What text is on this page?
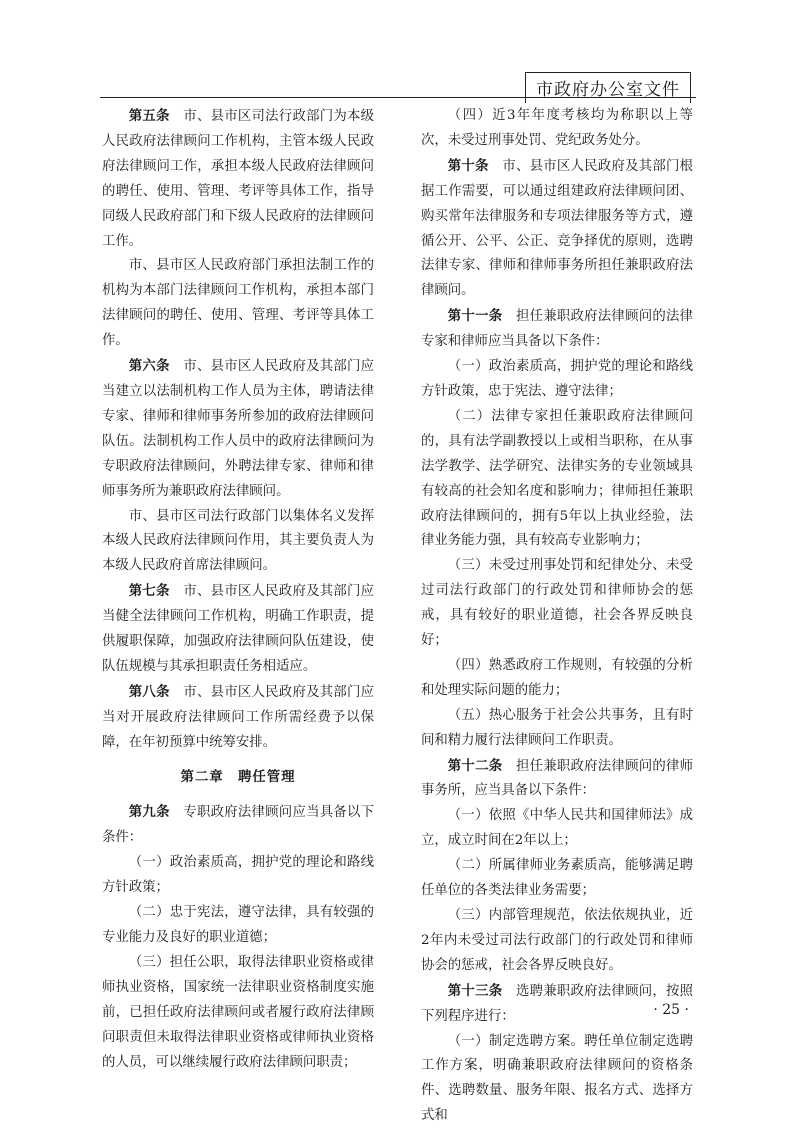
市政府办公室文件

第五条　 市、县市区司法行政部门为本级人民政府法律顾问工作机构，主管本级人民政府法律顾问工作，承担本级人民政府法律顾问的聘任、使用、管理、考评等具体工作，指导同级人民政府部门和下级人民政府的法律顾问工作。

市、县市区人民政府部门承担法制工作的机构为本部门法律顾问工作机构，承担本部门法律顾问的聘任、使用、管理、考评等具体工作。

第六条　 市、县市区人民政府及其部门应当建立以法制机构工作人员为主体，聘请法律专家、律师和律师事务所参加的政府法律顾问队伍。法制机构工作人员中的政府法律顾问为专职政府法律顾问，外聘法律专家、律师和律师事务所为兼职政府法律顾问。

市、县市区司法行政部门以集体名义发挥本级人民政府法律顾问作用，其主要负责人为本级人民政府首席法律顾问。

第七条　 市、县市区人民政府及其部门应当健全法律顾问工作机构，明确工作职责，提供履职保障，加强政府法律顾问队伍建设，使队伍规模与其承担职责任务相适应。

第八条　 市、县市区人民政府及其部门应当对开展政府法律顾问工作所需经费予以保障，在年初预算中统筹安排。

第二章　聘任管理

第九条　 专职政府法律顾问应当具备以下条件：

（一）政治素质高，拥护党的理论和路线方针政策；

（二）忠于宪法，遵守法律，具有较强的专业能力及良好的职业道德；

（三）担任公职，取得法律职业资格或律师执业资格，国家统一法律职业资格制度实施前，已担任政府法律顾问或者履行政府法律顾问职责但未取得法律职业资格或律师执业资格的人员，可以继续履行政府法律顾问职责；

（四）近3年年度考核均为称职以上等次，未受过刑事处罚、党纪政务处分。

第十条　 市、县市区人民政府及其部门根据工作需要，可以通过组建政府法律顾问团、购买常年法律服务和专项法律服务等方式，遵循公开、公平、公正、竞争择优的原则，选聘法律专家、律师和律师事务所担任兼职政府法律顾问。

第十一条　 担任兼职政府法律顾问的法律专家和律师应当具备以下条件：

（一）政治素质高，拥护党的理论和路线方针政策，忠于宪法、遵守法律；

（二）法律专家担任兼职政府法律顾问的，具有法学副教授以上或相当职称，在从事法学教学、法学研究、法律实务的专业领域具有较高的社会知名度和影响力；律师担任兼职政府法律顾问的，拥有5年以上执业经验，法律业务能力强，具有较高专业影响力；

（三）未受过刑事处罚和纪律处分、未受过司法行政部门的行政处罚和律师协会的惩戒，具有较好的职业道德，社会各界反映良好；

（四）熟悉政府工作规则，有较强的分析和处理实际问题的能力；

（五）热心服务于社会公共事务，且有时间和精力履行法律顾问工作职责。

第十二条　 担任兼职政府法律顾问的律师事务所，应当具备以下条件：

（一）依照《中华人民共和国律师法》成立，成立时间在2年以上；

（二）所属律师业务素质高，能够满足聘任单位的各类法律业务需要；

（三）内部管理规范，依法依规执业，近2年内未受过司法行政部门的行政处罚和律师协会的惩戒，社会各界反映良好。

第十三条　 选聘兼职政府法律顾问，按照下列程序进行：

（一）制定选聘方案。聘任单位制定选聘工作方案，明确兼职政府法律顾问的资格条件、选聘数量、服务年限、报名方式、选择方式和

· 25 ·
